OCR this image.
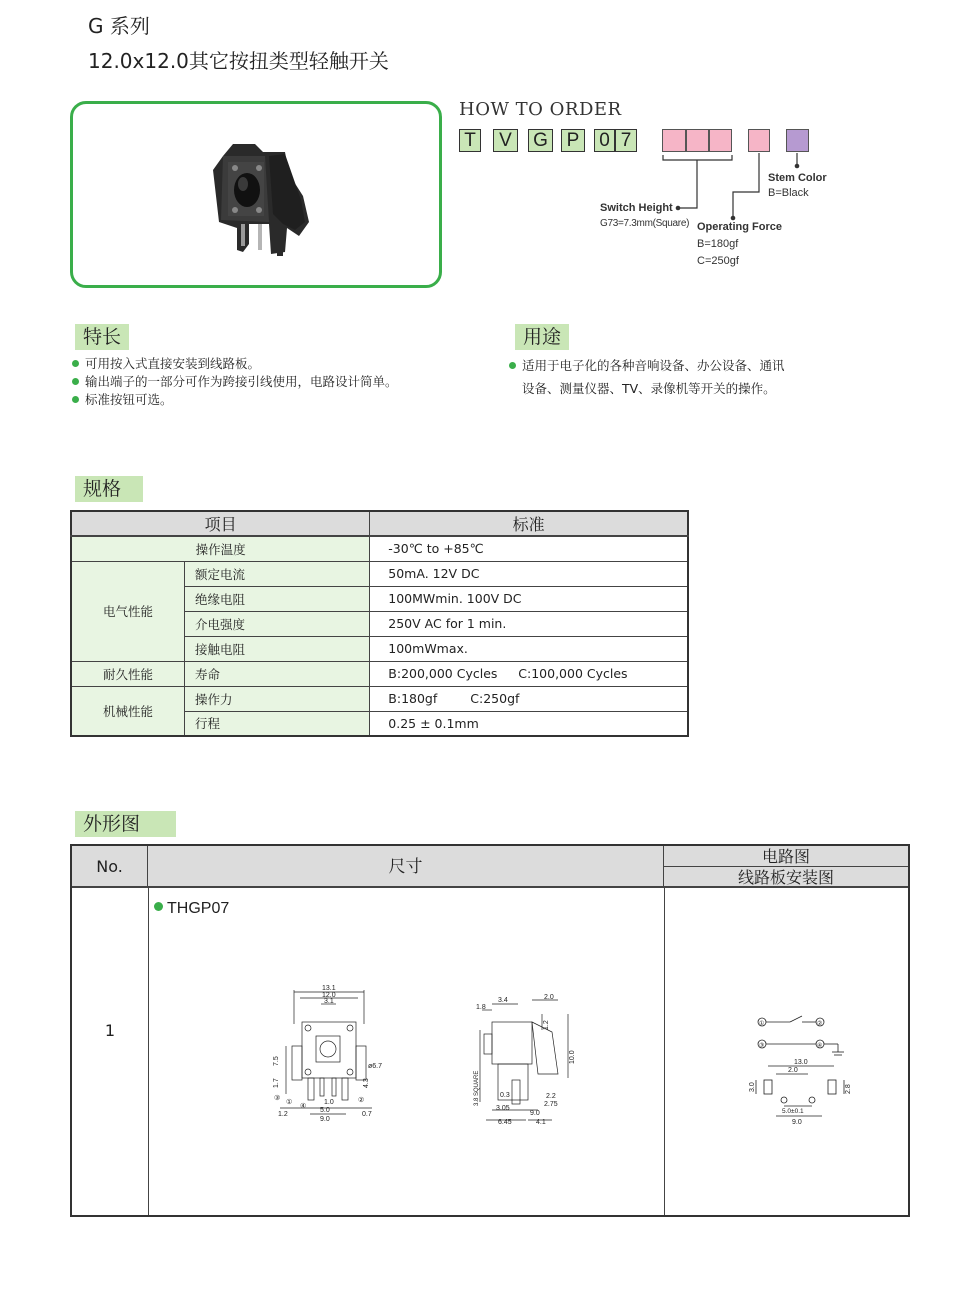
G 系列
12.0x12.0其它按扭类型轻触开关
HOW TO ORDER
T	V	G P 0 7
Stem Color
B=Black
Switch Height
G73=7.3mm(Square) Operating Force
B=180gf
C=250gf
特长
可用按入式直接安装到线路板。
输出端子的一部分可作为跨接引线使用，电路设计简单。
标准按钮可选。
用途
适用于电子化的各种音响设备、办公设备、通讯
设备、测量仪器、TV、录像机等开关的操作。
规格
项目		标准
操作温度		-30℃ to +85℃
电气性能	额定电流	50mA. 12V DC
	绝缘电阻	100MWmin. 100V DC
	介电强度	250V AC for 1 min.
	接触电阻	100mWmax.
耐久性能	寿命	B:200,000 Cycles C:100,000 Cycles
机械性能	操作力	B:180gf C:250gf
	行程	0.25 ± 0.1mm
外形图
No.	尺寸
电路图
线路板安装图
1
THGP07
13.1
12.0
3.1
ø6.7
7.5
1.7	4.3
1.0
5.0
9.0
1.2	0.7
③
①
④
②
3.4	2.0
1.8
1.2
10.0
3.8 SQUARE	0.3	2.2
3.05
2.75
9.0
6.45	4.1
①	②
③	④
13.0
2.0
3.0	2.8
5.0±0.1
9.0
